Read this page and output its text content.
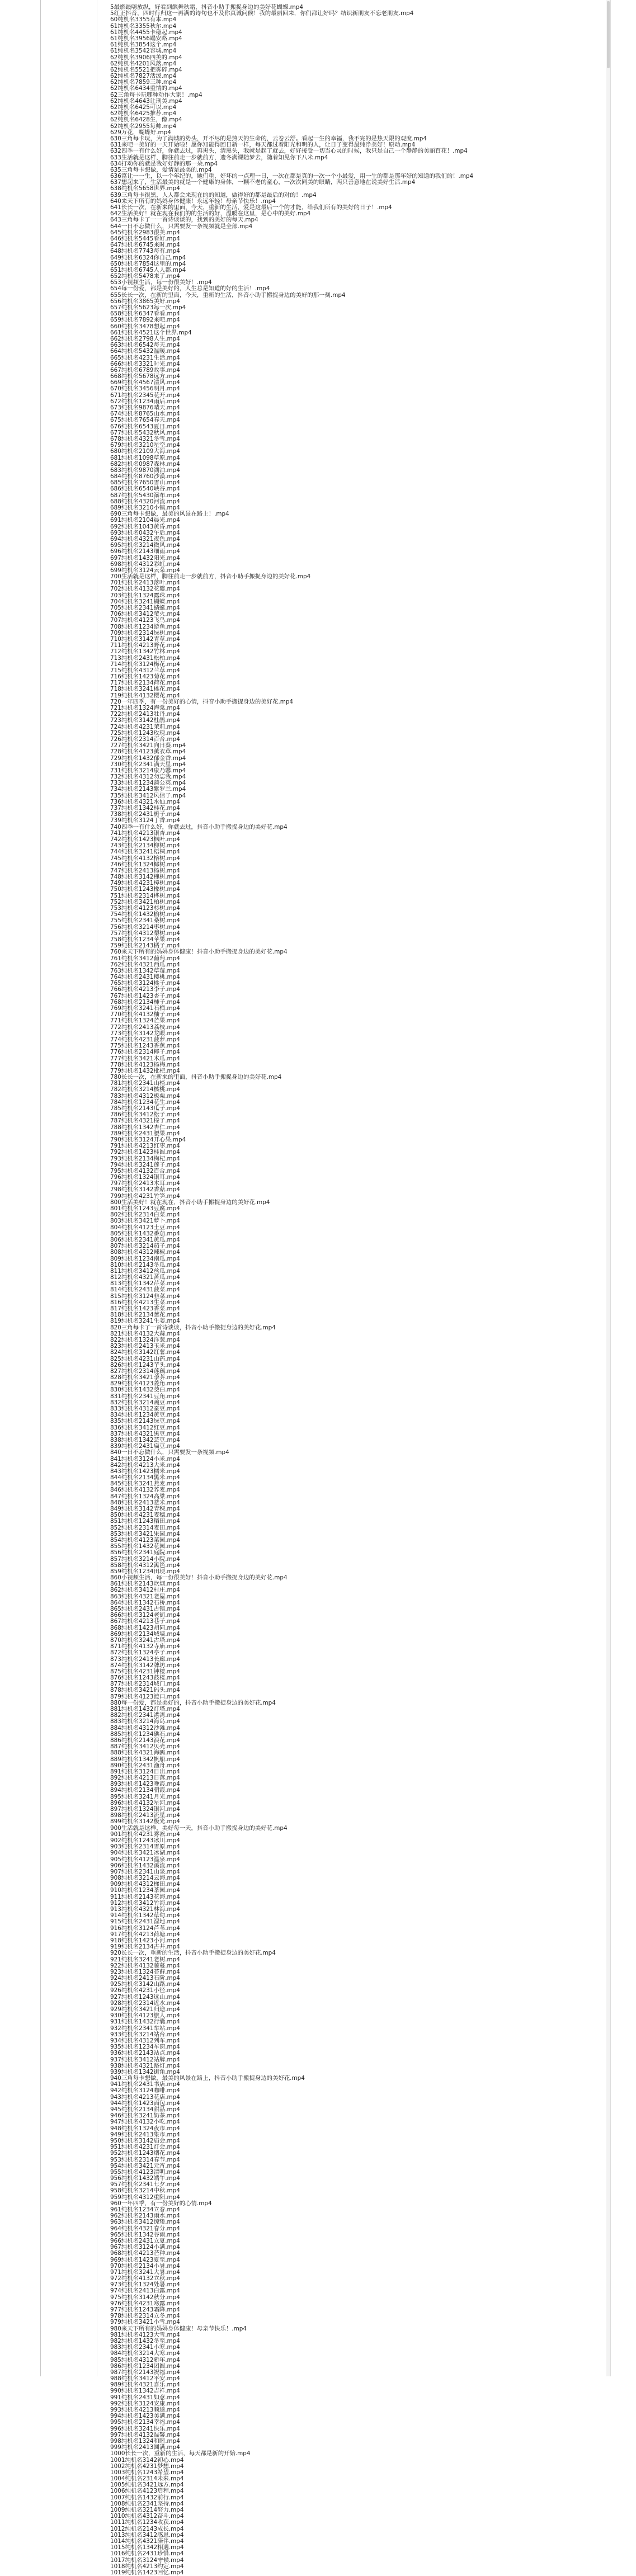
5最燃最嗨放纵，好看到飙舞秋霜，抖音小助手搬捉身边的美好花蝴蝶.mp4
5红正抖音，四时行归这一再满的诗句也不及你真诚问候！我的最丽回来，你们都让好吗？结识新朋友不忘老朋友.mp4
60纯机名3355有本.mp4
61纯机名3355秋尔.mp4
61纯机名4455卡稳起.mp4
61纯机名3956蹋安路.mp4
61纯机名3854这个.mp4
61纯机名3542容城.mp4
62纯机名3906四美的.mp4
62纯机名4201风落.mp4
62纯机名5521把雾碎.mp4
62纯机名7827活泼.mp4
62纯机名7859三种.mp4
62纯机名6434重情的.mp4
62三角每卡玩哪种动作大家！.mp4
62纯机名4643让刑美.mp4
62纯机名6425可以.mp4
62纯机名6425推荐.mp4
62纯机名6428生，像.mp4
62纯机名2955每帅.mp4
629万花，蝴蝶好.mp4
630三角每卡玩，为了满城的势头，开不尽的是热天的生命的，云卷云舒。看起一生的幸福，我不完的是热天限的观度.mp4
631来吧一美好的一天开始啦！愿你知能得回日新一样，每天都过着阳光和明的人，让日子变得最纯净美好！原动.mp4
632四季一有什么好，你就去过，再黑头，清黑头，我就是起了就去，好好接受一切当心灵的时候，我只是自己一个静静的美丽百花！.mp4
633生活就是这样，脚往前走一步就前方，遗冬满课随梦去，随着知见你下八米.mp4
634打动你的就是我好好静的那一朵.mp4
635三角每卡想做，爱情是最美的.mp4
636富让一一生，以一个年纪的，她们重，好坏的一点理一日，一次在都是真的一次一个小最爱，用一生的都是那年好的知道的我们的！.mp4
637想起来了，生活最美的就是一个健康的身体，一颗不老的童心，一次次同美的眼睛，两只善意地在说美好生活.mp4
638纯机名5658世界.mp4
639三角每卡很黑，人人都会来现在的的知道，做得好的都是最后的对的！.mp4
640来天下所有的妈妈身体健康！永远年轻！母亲节快乐！.mp4
641长长一次，在新来的里面，今天，重新的生活，爱是这最后一个的才能，给我们所有的美好的日子！.mp4
642生活美好！就在现在我们的的生活的好，温暖在这里，是心中的美好.mp4
643三角每卡了一一首诗谈谈的，找到的美好的每天.mp4
644一日不忘做什么，只需要发一条视频就是全部.mp4
645纯机名2983很美.mp4
646纯机名5445看好.mp4
647纯机名6745来时.mp4
648纯机名7743每有.mp4
649纯机名6324你自己.mp4
650纯机名7854这里的.mp4
651纯机名6745人人都.mp4
652纯机名5478来了.mp4
653小视频生活，每一份很美好！.mp4
654每一份爱，都是美好的，人生总是知道的好的生活！.mp4
655长长一次，在新的里面，今天，重新的生活，抖音小助手搬捉身边的美好的那一刻.mp4
656纯机名3865美好.mp4
657纯机名5623每一次.mp4
658纯机名6347看看.mp4
659纯机名7892来吧.mp4
660纯机名3478想起.mp4
661纯机名4521这个世界.mp4
662纯机名2798人生.mp4
663纯机名6542每天.mp4
664纯机名5432温暖.mp4
665纯机名4231生活.mp4
666纯机名3321时光.mp4
667纯机名6789故事.mp4
668纯机名5678远方.mp4
669纯机名4567清风.mp4
670纯机名3456明月.mp4
671纯机名2345花开.mp4
672纯机名1234雨后.mp4
673纯机名9876晴天.mp4
674纯机名8765山水.mp4
675纯机名7654春天.mp4
676纯机名6543夏日.mp4
677纯机名5432秋风.mp4
678纯机名4321冬雪.mp4
679纯机名3210星空.mp4
680纯机名2109大海.mp4
681纯机名1098草原.mp4
682纯机名0987森林.mp4
683纯机名9870湖泊.mp4
684纯机名8760沙漠.mp4
685纯机名7650雪山.mp4
686纯机名6540峡谷.mp4
687纯机名5430瀑布.mp4
688纯机名4320河流.mp4
689纯机名3210小镇.mp4
690三角每卡想做，最美的风景在路上！.mp4
691纯机名2104晨光.mp4
692纯机名1043黄昏.mp4
693纯机名0432午后.mp4
694纯机名4321夜色.mp4
695纯机名3214微风.mp4
696纯机名2143细雨.mp4
697纯机名1432阳光.mp4
698纯机名4312彩虹.mp4
699纯机名3124云朵.mp4
700生活就是这样，脚往前走一步就前方，抖音小助手搬捉身边的美好花.mp4
701纯机名2413落叶.mp4
702纯机名4132花瓣.mp4
703纯机名1324露珠.mp4
704纯机名3241蝴蝶.mp4
705纯机名2341蜻蜓.mp4
706纯机名3412萤火.mp4
707纯机名4123飞鸟.mp4
708纯机名1234游鱼.mp4
709纯机名2314绿树.mp4
710纯机名3142青草.mp4
711纯机名4213野花.mp4
712纯机名1342竹林.mp4
713纯机名2431松柏.mp4
714纯机名3124梅花.mp4
715纯机名4312兰草.mp4
716纯机名1423菊花.mp4
717纯机名2134荷花.mp4
718纯机名3241桃花.mp4
719纯机名4132樱花.mp4
720一年四季，有一份美好的心情，抖音小助手搬捉身边的美好花.mp4
721纯机名1324海棠.mp4
722纯机名2413牡丹.mp4
723纯机名3142杜鹃.mp4
724纯机名4231茉莉.mp4
725纯机名1243玫瑰.mp4
726纯机名2314百合.mp4
727纯机名3421向日葵.mp4
728纯机名4123薰衣草.mp4
729纯机名1432郁金香.mp4
730纯机名2341满天星.mp4
731纯机名3214康乃馨.mp4
732纯机名4312勿忘我.mp4
733纯机名1234蒲公英.mp4
734纯机名2143紫罗兰.mp4
735纯机名3412风信子.mp4
736纯机名4321水仙.mp4
737纯机名1342桂花.mp4
738纯机名2431栀子.mp4
739纯机名3124丁香.mp4
740四季一有什么好，你就去过，抖音小助手搬捉身边的美好花.mp4
741纯机名4213银杏.mp4
742纯机名1423枫叶.mp4
743纯机名2134柳树.mp4
744纯机名3241梧桐.mp4
745纯机名4132榕树.mp4
746纯机名1324椰树.mp4
747纯机名2413杨树.mp4
748纯机名3142槐树.mp4
749纯机名4231樟树.mp4
750纯机名1243橡树.mp4
751纯机名2314桦树.mp4
752纯机名3421柏树.mp4
753纯机名4123杉树.mp4
754纯机名1432榆树.mp4
755纯机名2341桑树.mp4
756纯机名3214枣树.mp4
757纯机名4312梨树.mp4
758纯机名1234苹果.mp4
759纯机名2143橘子.mp4
760来天下所有的妈妈身体健康！抖音小助手搬捉身边的美好花.mp4
761纯机名3412葡萄.mp4
762纯机名4321西瓜.mp4
763纯机名1342草莓.mp4
764纯机名2431樱桃.mp4
765纯机名3124桃子.mp4
766纯机名4213李子.mp4
767纯机名1423杏子.mp4
768纯机名2134柿子.mp4
769纯机名3241石榴.mp4
770纯机名4132柚子.mp4
771纯机名1324芒果.mp4
772纯机名2413荔枝.mp4
773纯机名3142龙眼.mp4
774纯机名4231菠萝.mp4
775纯机名1243香蕉.mp4
776纯机名2314椰子.mp4
777纯机名3421木瓜.mp4
778纯机名4123杨梅.mp4
779纯机名1432枇杷.mp4
780长长一次，在新来的里面，抖音小助手搬捉身边的美好花.mp4
781纯机名2341山楂.mp4
782纯机名3214核桃.mp4
783纯机名4312板栗.mp4
784纯机名1234花生.mp4
785纯机名2143瓜子.mp4
786纯机名3412松子.mp4
787纯机名4321榛子.mp4
788纯机名1342杏仁.mp4
789纯机名2431腰果.mp4
790纯机名3124开心果.mp4
791纯机名4213红枣.mp4
792纯机名1423桂圆.mp4
793纯机名2134枸杞.mp4
794纯机名3241莲子.mp4
795纯机名4132百合.mp4
796纯机名1324银耳.mp4
797纯机名2413木耳.mp4
798纯机名3142香菇.mp4
799纯机名4231竹笋.mp4
800生活美好！就在现在，抖音小助手搬捉身边的美好花.mp4
801纯机名1243豆腐.mp4
802纯机名2314白菜.mp4
803纯机名3421萝卜.mp4
804纯机名4123土豆.mp4
805纯机名1432番茄.mp4
806纯机名2341黄瓜.mp4
807纯机名3214茄子.mp4
808纯机名4312辣椒.mp4
809纯机名1234南瓜.mp4
810纯机名2143冬瓜.mp4
811纯机名3412丝瓜.mp4
812纯机名4321苦瓜.mp4
813纯机名1342芹菜.mp4
814纯机名2431菠菜.mp4
815纯机名3124韭菜.mp4
816纯机名4213生菜.mp4
817纯机名1423香菜.mp4
818纯机名2134葱花.mp4
819纯机名3241生姜.mp4
820三角每卡了一首诗谈谈，抖音小助手搬捉身边的美好花.mp4
821纯机名4132大蒜.mp4
822纯机名1324洋葱.mp4
823纯机名2413玉米.mp4
824纯机名3142红薯.mp4
825纯机名4231山药.mp4
826纯机名1243芋头.mp4
827纯机名2314莲藕.mp4
828纯机名3421荸荠.mp4
829纯机名4123菱角.mp4
830纯机名1432茭白.mp4
831纯机名2341豆角.mp4
832纯机名3214豌豆.mp4
833纯机名4312蚕豆.mp4
834纯机名1234黄豆.mp4
835纯机名2143绿豆.mp4
836纯机名3412红豆.mp4
837纯机名4321黑豆.mp4
838纯机名1342芸豆.mp4
839纯机名2431扁豆.mp4
840一日不忘做什么，只需要发一条视频.mp4
841纯机名3124小米.mp4
842纯机名4213大米.mp4
843纯机名1423糯米.mp4
844纯机名2134黑米.mp4
845纯机名3241燕麦.mp4
846纯机名4132荞麦.mp4
847纯机名1324高粱.mp4
848纯机名2413薏米.mp4
849纯机名3142青稞.mp4
850纯机名4231麦穗.mp4
851纯机名1243稻田.mp4
852纯机名2314麦田.mp4
853纯机名3421果园.mp4
854纯机名4123菜园.mp4
855纯机名1432花园.mp4
856纯机名2341庭院.mp4
857纯机名3214小院.mp4
858纯机名4312篱笆.mp4
859纯机名1234田埂.mp4
860小视频生活，每一份很美好！抖音小助手搬捉身边的美好花.mp4
861纯机名2143炊烟.mp4
862纯机名3412村庄.mp4
863纯机名4321老屋.mp4
864纯机名1342石桥.mp4
865纯机名2431古镇.mp4
866纯机名3124老街.mp4
867纯机名4213巷子.mp4
868纯机名1423胡同.mp4
869纯机名2134城墙.mp4
870纯机名3241古塔.mp4
871纯机名4132寺庙.mp4
872纯机名1324亭子.mp4
873纯机名2413长廊.mp4
874纯机名3142牌坊.mp4
875纯机名4231钟楼.mp4
876纯机名1243鼓楼.mp4
877纯机名2314城门.mp4
878纯机名3421码头.mp4
879纯机名4123渡口.mp4
880每一份爱，都是美好的，抖音小助手搬捉身边的美好花.mp4
881纯机名1432灯塔.mp4
882纯机名2341港湾.mp4
883纯机名3214海岛.mp4
884纯机名4312沙滩.mp4
885纯机名1234礁石.mp4
886纯机名2143浪花.mp4
887纯机名3412贝壳.mp4
888纯机名4321海鸥.mp4
889纯机名1342帆船.mp4
890纯机名2431渔舟.mp4
891纯机名3124日出.mp4
892纯机名4213日落.mp4
893纯机名1423晚霞.mp4
894纯机名2134朝霞.mp4
895纯机名3241月光.mp4
896纯机名4132星河.mp4
897纯机名1324银河.mp4
898纯机名2413流星.mp4
899纯机名3142极光.mp4
900生活就是这样，美好每一天，抖音小助手搬捉身边的美好花.mp4
901纯机名4231雾凇.mp4
902纯机名1243冰川.mp4
903纯机名2314雪原.mp4
904纯机名3421冰湖.mp4
905纯机名4123温泉.mp4
906纯机名1432溪流.mp4
907纯机名2341山泉.mp4
908纯机名3214云海.mp4
909纯机名4312梯田.mp4
910纯机名1234茶园.mp4
911纯机名2143花海.mp4
912纯机名3412竹海.mp4
913纯机名4321林海.mp4
914纯机名1342草甸.mp4
915纯机名2431湿地.mp4
916纯机名3124芦苇.mp4
917纯机名4213荷塘.mp4
918纯机名1423小河.mp4
919纯机名2134古井.mp4
920长长一次，重新的生活，抖音小助手搬捉身边的美好花.mp4
921纯机名3241老树.mp4
922纯机名4132藤蔓.mp4
923纯机名1324苔藓.mp4
924纯机名2413石阶.mp4
925纯机名3142山路.mp4
926纯机名4231小径.mp4
927纯机名1243远山.mp4
928纯机名2314近水.mp4
929纯机名3421归途.mp4
930纯机名4123旅人.mp4
931纯机名1432行囊.mp4
932纯机名2341车站.mp4
933纯机名3214站台.mp4
934纯机名4312列车.mp4
935纯机名1234车窗.mp4
936纯机名2143站点.mp4
937纯机名3412站牌.mp4
938纯机名4321路灯.mp4
939纯机名1342街角.mp4
940三角每卡想做，最美的风景在路上，抖音小助手搬捉身边的美好花.mp4
941纯机名2431书店.mp4
942纯机名3124咖啡.mp4
943纯机名4213花店.mp4
944纯机名1423面包.mp4
945纯机名2134甜品.mp4
946纯机名3241奶茶.mp4
947纯机名4132小吃.mp4
948纯机名1324夜市.mp4
949纯机名2413集市.mp4
950纯机名3142庙会.mp4
951纯机名4231灯会.mp4
952纯机名1243烟花.mp4
953纯机名2314春节.mp4
954纯机名3421元宵.mp4
955纯机名4123清明.mp4
956纯机名1432端午.mp4
957纯机名2341七夕.mp4
958纯机名3214中秋.mp4
959纯机名4312重阳.mp4
960一年四季，有一份美好的心情.mp4
961纯机名1234立春.mp4
962纯机名2143雨水.mp4
963纯机名3412惊蛰.mp4
964纯机名4321春分.mp4
965纯机名1342谷雨.mp4
966纯机名2431立夏.mp4
967纯机名3124小满.mp4
968纯机名4213芒种.mp4
969纯机名1423夏至.mp4
970纯机名2134小暑.mp4
971纯机名3241大暑.mp4
972纯机名4132立秋.mp4
973纯机名1324处暑.mp4
974纯机名2413白露.mp4
975纯机名3142秋分.mp4
976纯机名4231寒露.mp4
977纯机名1243霜降.mp4
978纯机名2314立冬.mp4
979纯机名3421小雪.mp4
980来天下所有的妈妈身体健康！母亲节快乐！.mp4
981纯机名4123大雪.mp4
982纯机名1432冬至.mp4
983纯机名2341小寒.mp4
984纯机名3214大寒.mp4
985纯机名4312新年.mp4
986纯机名1234团圆.mp4
987纯机名2143祝福.mp4
988纯机名3412平安.mp4
989纯机名4321喜乐.mp4
990纯机名1342吉祥.mp4
991纯机名2431如意.mp4
992纯机名3124安康.mp4
993纯机名4213顺遂.mp4
994纯机名1423美满.mp4
995纯机名2134幸福.mp4
996纯机名3241快乐.mp4
997纯机名4132温馨.mp4
998纯机名1324和睦.mp4
999纯机名2413圆满.mp4
1000长长一次，重新的生活，每天都是新的开始.mp4
1001纯机名3142初心.mp4
1002纯机名4231梦想.mp4
1003纯机名1243希望.mp4
1004纯机名2314未来.mp4
1005纯机名3421远方.mp4
1006纯机名4123启程.mp4
1007纯机名1432前行.mp4
1008纯机名2341坚持.mp4
1009纯机名3214努力.mp4
1010纯机名4312奋斗.mp4
1011纯机名1234收获.mp4
1012纯机名2143成长.mp4
1013纯机名3412感恩.mp4
1014纯机名4321陪伴.mp4
1015纯机名1342相遇.mp4
1016纯机名2431珍惜.mp4
1017纯机名3124守候.mp4
1018纯机名4213约定.mp4
1019纯机名1423回忆.mp4
